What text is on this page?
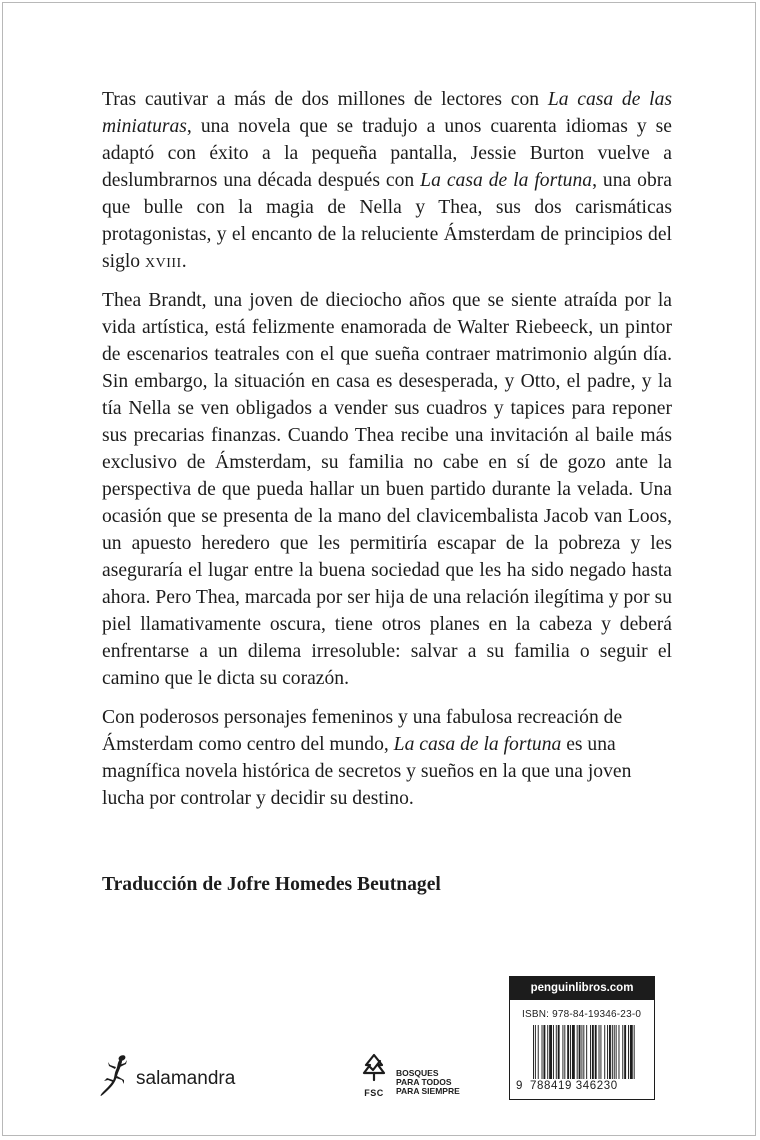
Tras cautivar a más de dos millones de lectores con La casa de las miniaturas, una novela que se tradujo a unos cuarenta idiomas y se adaptó con éxito a la pequeña pantalla, Jessie Burton vuelve a deslumbrarnos una década después con La casa de la fortuna, una obra que bulle con la magia de Nella y Thea, sus dos carismáticas protagonistas, y el encanto de la reluciente Ámsterdam de principios del siglo xviii.

Thea Brandt, una joven de dieciocho años que se siente atraída por la vida artística, está felizmente enamorada de Walter Riebeeck, un pintor de escenarios teatrales con el que sueña contraer matrimonio algún día. Sin embargo, la situación en casa es desesperada, y Otto, el padre, y la tía Nella se ven obligados a vender sus cuadros y tapices para reponer sus precarias finanzas. Cuando Thea recibe una invitación al baile más exclusivo de Ámsterdam, su familia no cabe en sí de gozo ante la perspectiva de que pueda hallar un buen partido durante la velada. Una ocasión que se presenta de la mano del clavicembalista Jacob van Loos, un apuesto heredero que les permitiría escapar de la pobreza y les aseguraría el lugar entre la buena sociedad que les ha sido negado hasta ahora. Pero Thea, marcada por ser hija de una relación ilegítima y por su piel llamativamente oscura, tiene otros planes en la cabeza y deberá enfrentarse a un dilema irresoluble: salvar a su familia o seguir el camino que le dicta su corazón.

Con poderosos personajes femeninos y una fabulosa recreación de Ámsterdam como centro del mundo, La casa de la fortuna es una magnífica novela histórica de secretos y sueños en la que una joven lucha por controlar y decidir su destino.

Traducción de Jofre Homedes Beutnagel
salamandra
FSC
BOSQUES
PARA TODOS
PARA SIEMPRE
penguinlibros.com
ISBN: 978-84-19346-23-0
9 788419 346230
